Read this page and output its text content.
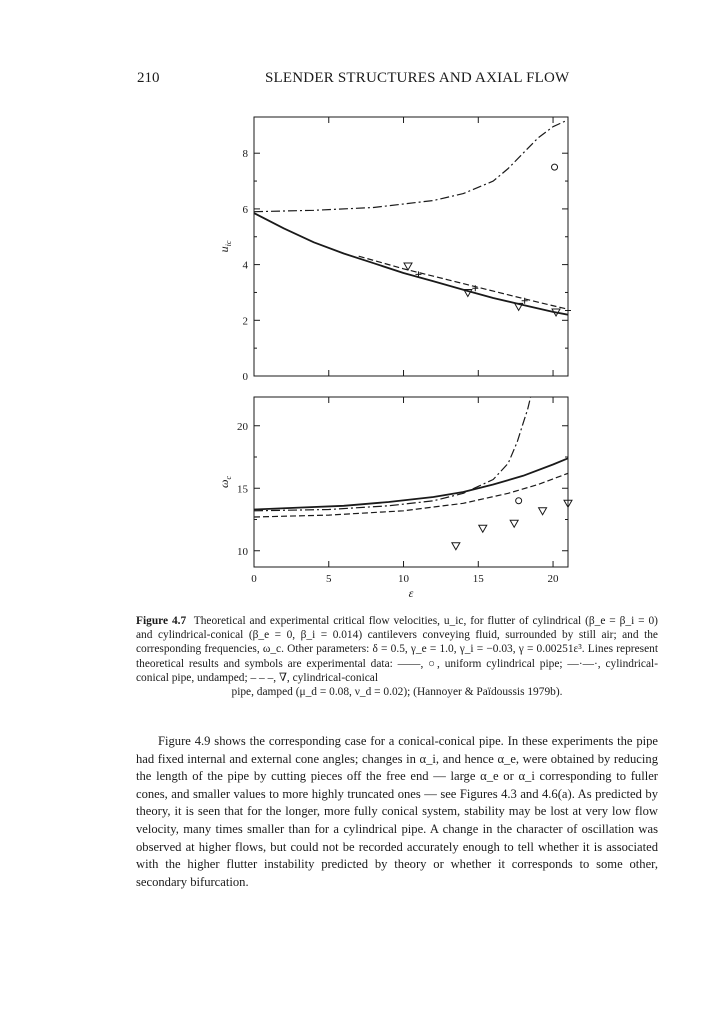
210	SLENDER STRUCTURES AND AXIAL FLOW
0
2
4
6
8
$u_{ic}$
10
15
20
0	5	10	15	20
ε
$\omega_c$
Figure 4.7 Theoretical and experimental critical flow velocities, u_ic, for flutter of cylindrical (β_e = β_i = 0) and cylindrical-conical (β_e = 0, β_i = 0.014) cantilevers conveying fluid, surrounded by still air; and the corresponding frequencies, ω_c. Other parameters: δ = 0.5, γ_e = 1.0, γ_i = −0.03, γ = 0.00251ε³. Lines represent theoretical results and symbols are experimental data: ——, ○, uniform cylindrical pipe; —·—·, cylindrical-conical pipe, undamped; – – –, ∇, cylindrical-conical
pipe, damped (μ_d = 0.08, ν_d = 0.02); (Hannoyer & Païdoussis 1979b).

Figure 4.9 shows the corresponding case for a conical-conical pipe. In these experiments the pipe had fixed internal and external cone angles; changes in α_i, and hence α_e, were obtained by reducing the length of the pipe by cutting pieces off the free end — large α_e or α_i corresponding to fuller cones, and smaller values to more highly truncated ones — see Figures 4.3 and 4.6(a). As predicted by theory, it is seen that for the longer, more fully conical system, stability may be lost at very low flow velocity, many times smaller than for a cylindrical pipe. A change in the character of oscillation was observed at higher flows, but could not be recorded accurately enough to tell whether it is associated with the higher flutter instability predicted by theory or whether it corresponds to some other, secondary bifurcation.
